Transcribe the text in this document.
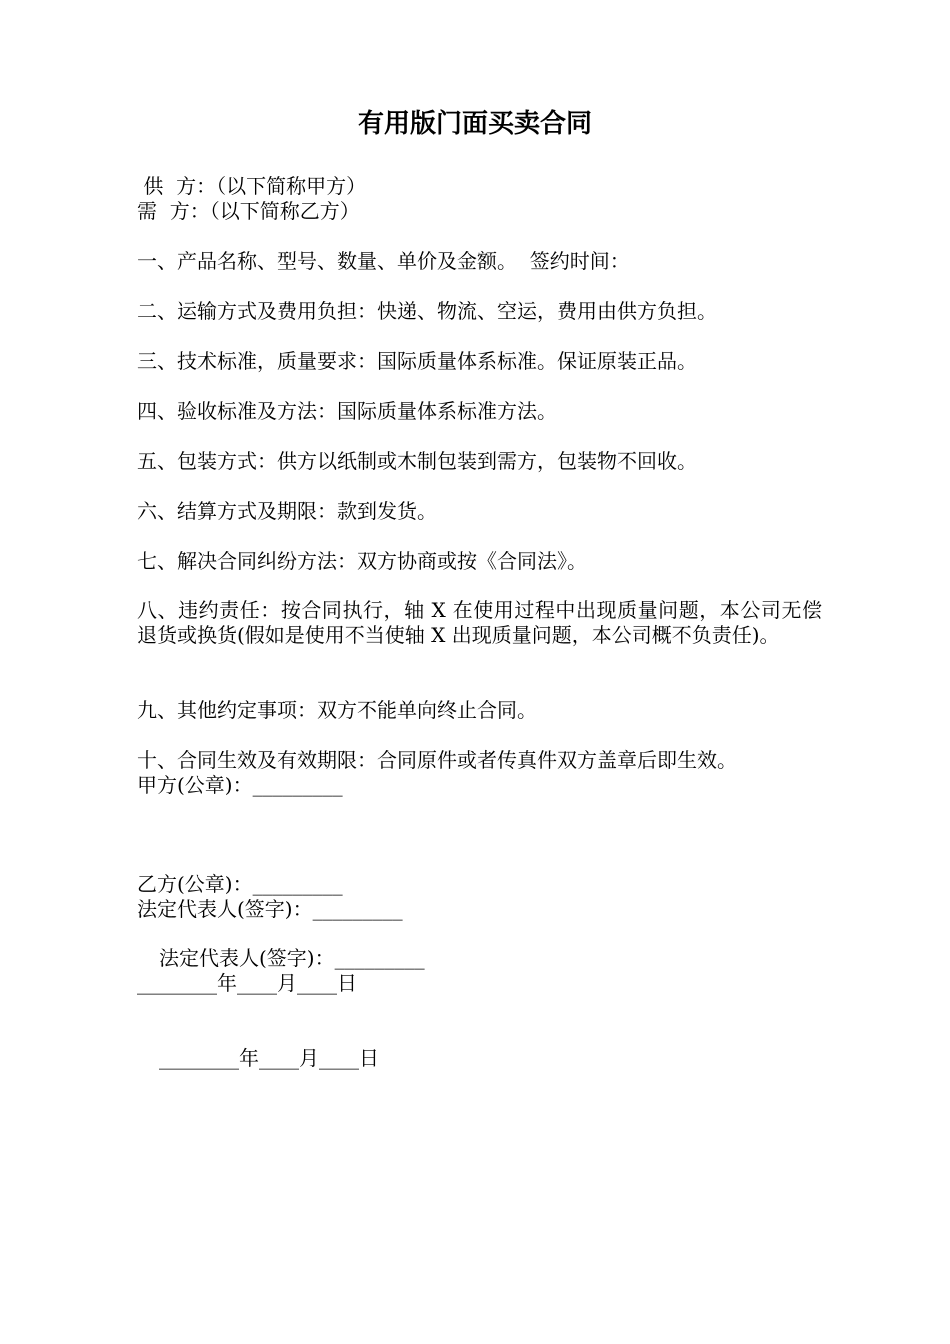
有用版门面买卖合同

供  方：（以下简称甲方）

需  方：（以下简称乙方）

一、产品名称、型号、数量、单价及金额。  签约时间：

二、运输方式及费用负担：快递、物流、空运，费用由供方负担。

三、技术标准，质量要求：国际质量体系标准。保证原装正品。

四、验收标准及方法：国际质量体系标准方法。

五、包装方式：供方以纸制或木制包装到需方，包装物不回收。

六、结算方式及期限：款到发货。

七、解决合同纠纷方法：双方协商或按《合同法》。

八、违约责任：按合同执行，轴 X 在使用过程中出现质量问题，本公司无偿退货或换货(假如是使用不当使轴 X 出现质量问题，本公司概不负责任)。

九、其他约定事项：双方不能单向终止合同。

十、合同生效及有效期限：合同原件或者传真件双方盖章后即生效。

甲方(公章)：_________

乙方(公章)：_________

法定代表人(签字)：_________

法定代表人(签字)：_________

________年____月____日

________年____月____日
